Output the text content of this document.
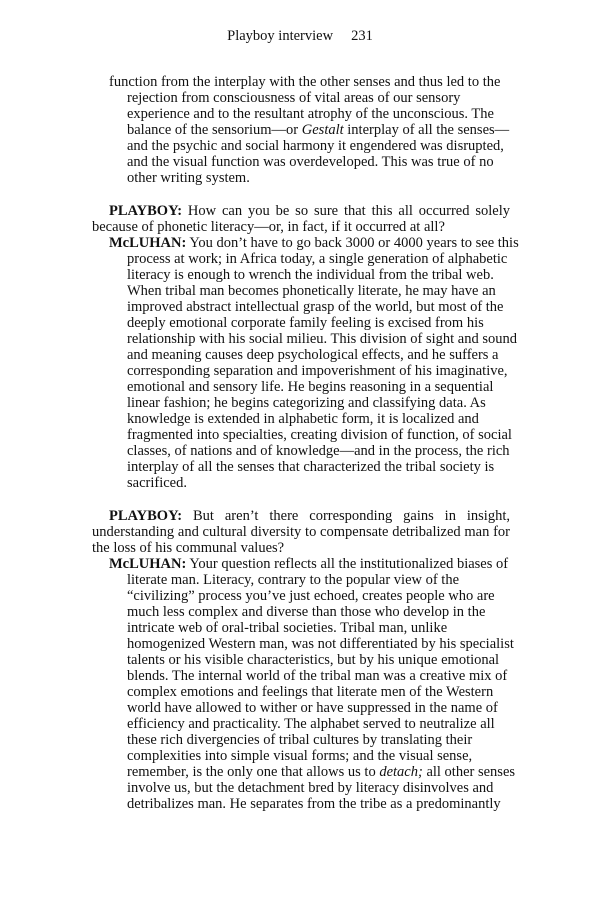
Playboy interview 231
function from the interplay with the other senses and thus led to the
rejection from consciousness of vital areas of our sensory
experience and to the resultant atrophy of the unconscious. The
balance of the sensorium—or Gestalt interplay of all the senses—
and the psychic and social harmony it engendered was disrupted,
and the visual function was overdeveloped. This was true of no
other writing system.
PLAYBOY: How can you be so sure that this all occurred solely
because of phonetic literacy—or, in fact, if it occurred at all?
McLUHAN: You don’t have to go back 3000 or 4000 years to see this
process at work; in Africa today, a single generation of alphabetic
literacy is enough to wrench the individual from the tribal web.
When tribal man becomes phonetically literate, he may have an
improved abstract intellectual grasp of the world, but most of the
deeply emotional corporate family feeling is excised from his
relationship with his social milieu. This division of sight and sound
and meaning causes deep psychological effects, and he suffers a
corresponding separation and impoverishment of his imaginative,
emotional and sensory life. He begins reasoning in a sequential
linear fashion; he begins categorizing and classifying data. As
knowledge is extended in alphabetic form, it is localized and
fragmented into specialties, creating division of function, of social
classes, of nations and of knowledge—and in the process, the rich
interplay of all the senses that characterized the tribal society is
sacrificed.
PLAYBOY: But aren’t there corresponding gains in insight,
understanding and cultural diversity to compensate detribalized man for
the loss of his communal values?
McLUHAN: Your question reflects all the institutionalized biases of
literate man. Literacy, contrary to the popular view of the
“civilizing” process you’ve just echoed, creates people who are
much less complex and diverse than those who develop in the
intricate web of oral-tribal societies. Tribal man, unlike
homogenized Western man, was not differentiated by his specialist
talents or his visible characteristics, but by his unique emotional
blends. The internal world of the tribal man was a creative mix of
complex emotions and feelings that literate men of the Western
world have allowed to wither or have suppressed in the name of
efficiency and practicality. The alphabet served to neutralize all
these rich divergencies of tribal cultures by translating their
complexities into simple visual forms; and the visual sense,
remember, is the only one that allows us to detach; all other senses
involve us, but the detachment bred by literacy disinvolves and
detribalizes man. He separates from the tribe as a predominantly
